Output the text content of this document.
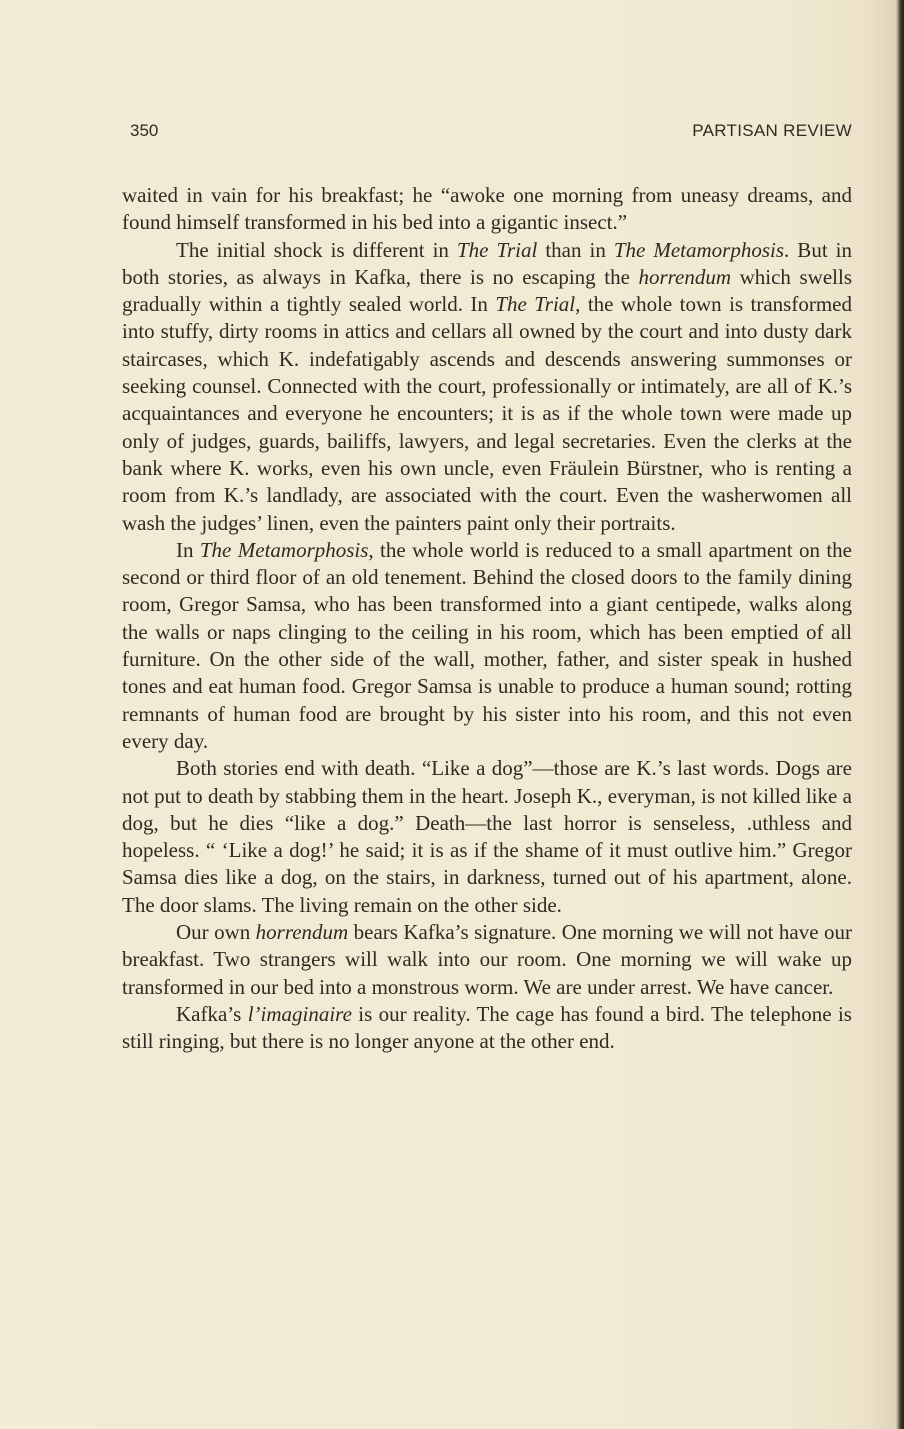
350	PARTISAN REVIEW

waited in vain for his breakfast; he “awoke one morning from uneasy dreams, and found himself transformed in his bed into a gigantic insect.”

The initial shock is different in The Trial than in The Metamorphosis. But in both stories, as always in Kafka, there is no escaping the horrendum which swells gradually within a tightly sealed world. In The Trial, the whole town is transformed into stuffy, dirty rooms in attics and cellars all owned by the court and into dusty dark staircases, which K. indefatigably ascends and descends answering summonses or seeking counsel. Connected with the court, professionally or intimately, are all of K.’s acquaintances and everyone he encounters; it is as if the whole town were made up only of judges, guards, bailiffs, lawyers, and legal secretaries. Even the clerks at the bank where K. works, even his own uncle, even Fräulein Bürstner, who is renting a room from K.’s landlady, are associated with the court. Even the washerwomen all wash the judges’ linen, even the painters paint only their portraits.

In The Metamorphosis, the whole world is reduced to a small apartment on the second or third floor of an old tenement. Behind the closed doors to the family dining room, Gregor Samsa, who has been transformed into a giant centipede, walks along the walls or naps clinging to the ceiling in his room, which has been emptied of all furniture. On the other side of the wall, mother, father, and sister speak in hushed tones and eat human food. Gregor Samsa is unable to produce a human sound; rotting remnants of human food are brought by his sister into his room, and this not even every day.

Both stories end with death. “Like a dog”—those are K.’s last words. Dogs are not put to death by stabbing them in the heart. Joseph K., everyman, is not killed like a dog, but he dies “like a dog.” Death—the last horror is senseless, .uthless and hopeless. “ ‘Like a dog!’ he said; it is as if the shame of it must outlive him.” Gregor Samsa dies like a dog, on the stairs, in darkness, turned out of his apartment, alone. The door slams. The living remain on the other side.

Our own horrendum bears Kafka’s signature. One morning we will not have our breakfast. Two strangers will walk into our room. One morning we will wake up transformed in our bed into a monstrous worm. We are under arrest. We have cancer.

Kafka’s l’imaginaire is our reality. The cage has found a bird. The telephone is still ringing, but there is no longer anyone at the other end.
